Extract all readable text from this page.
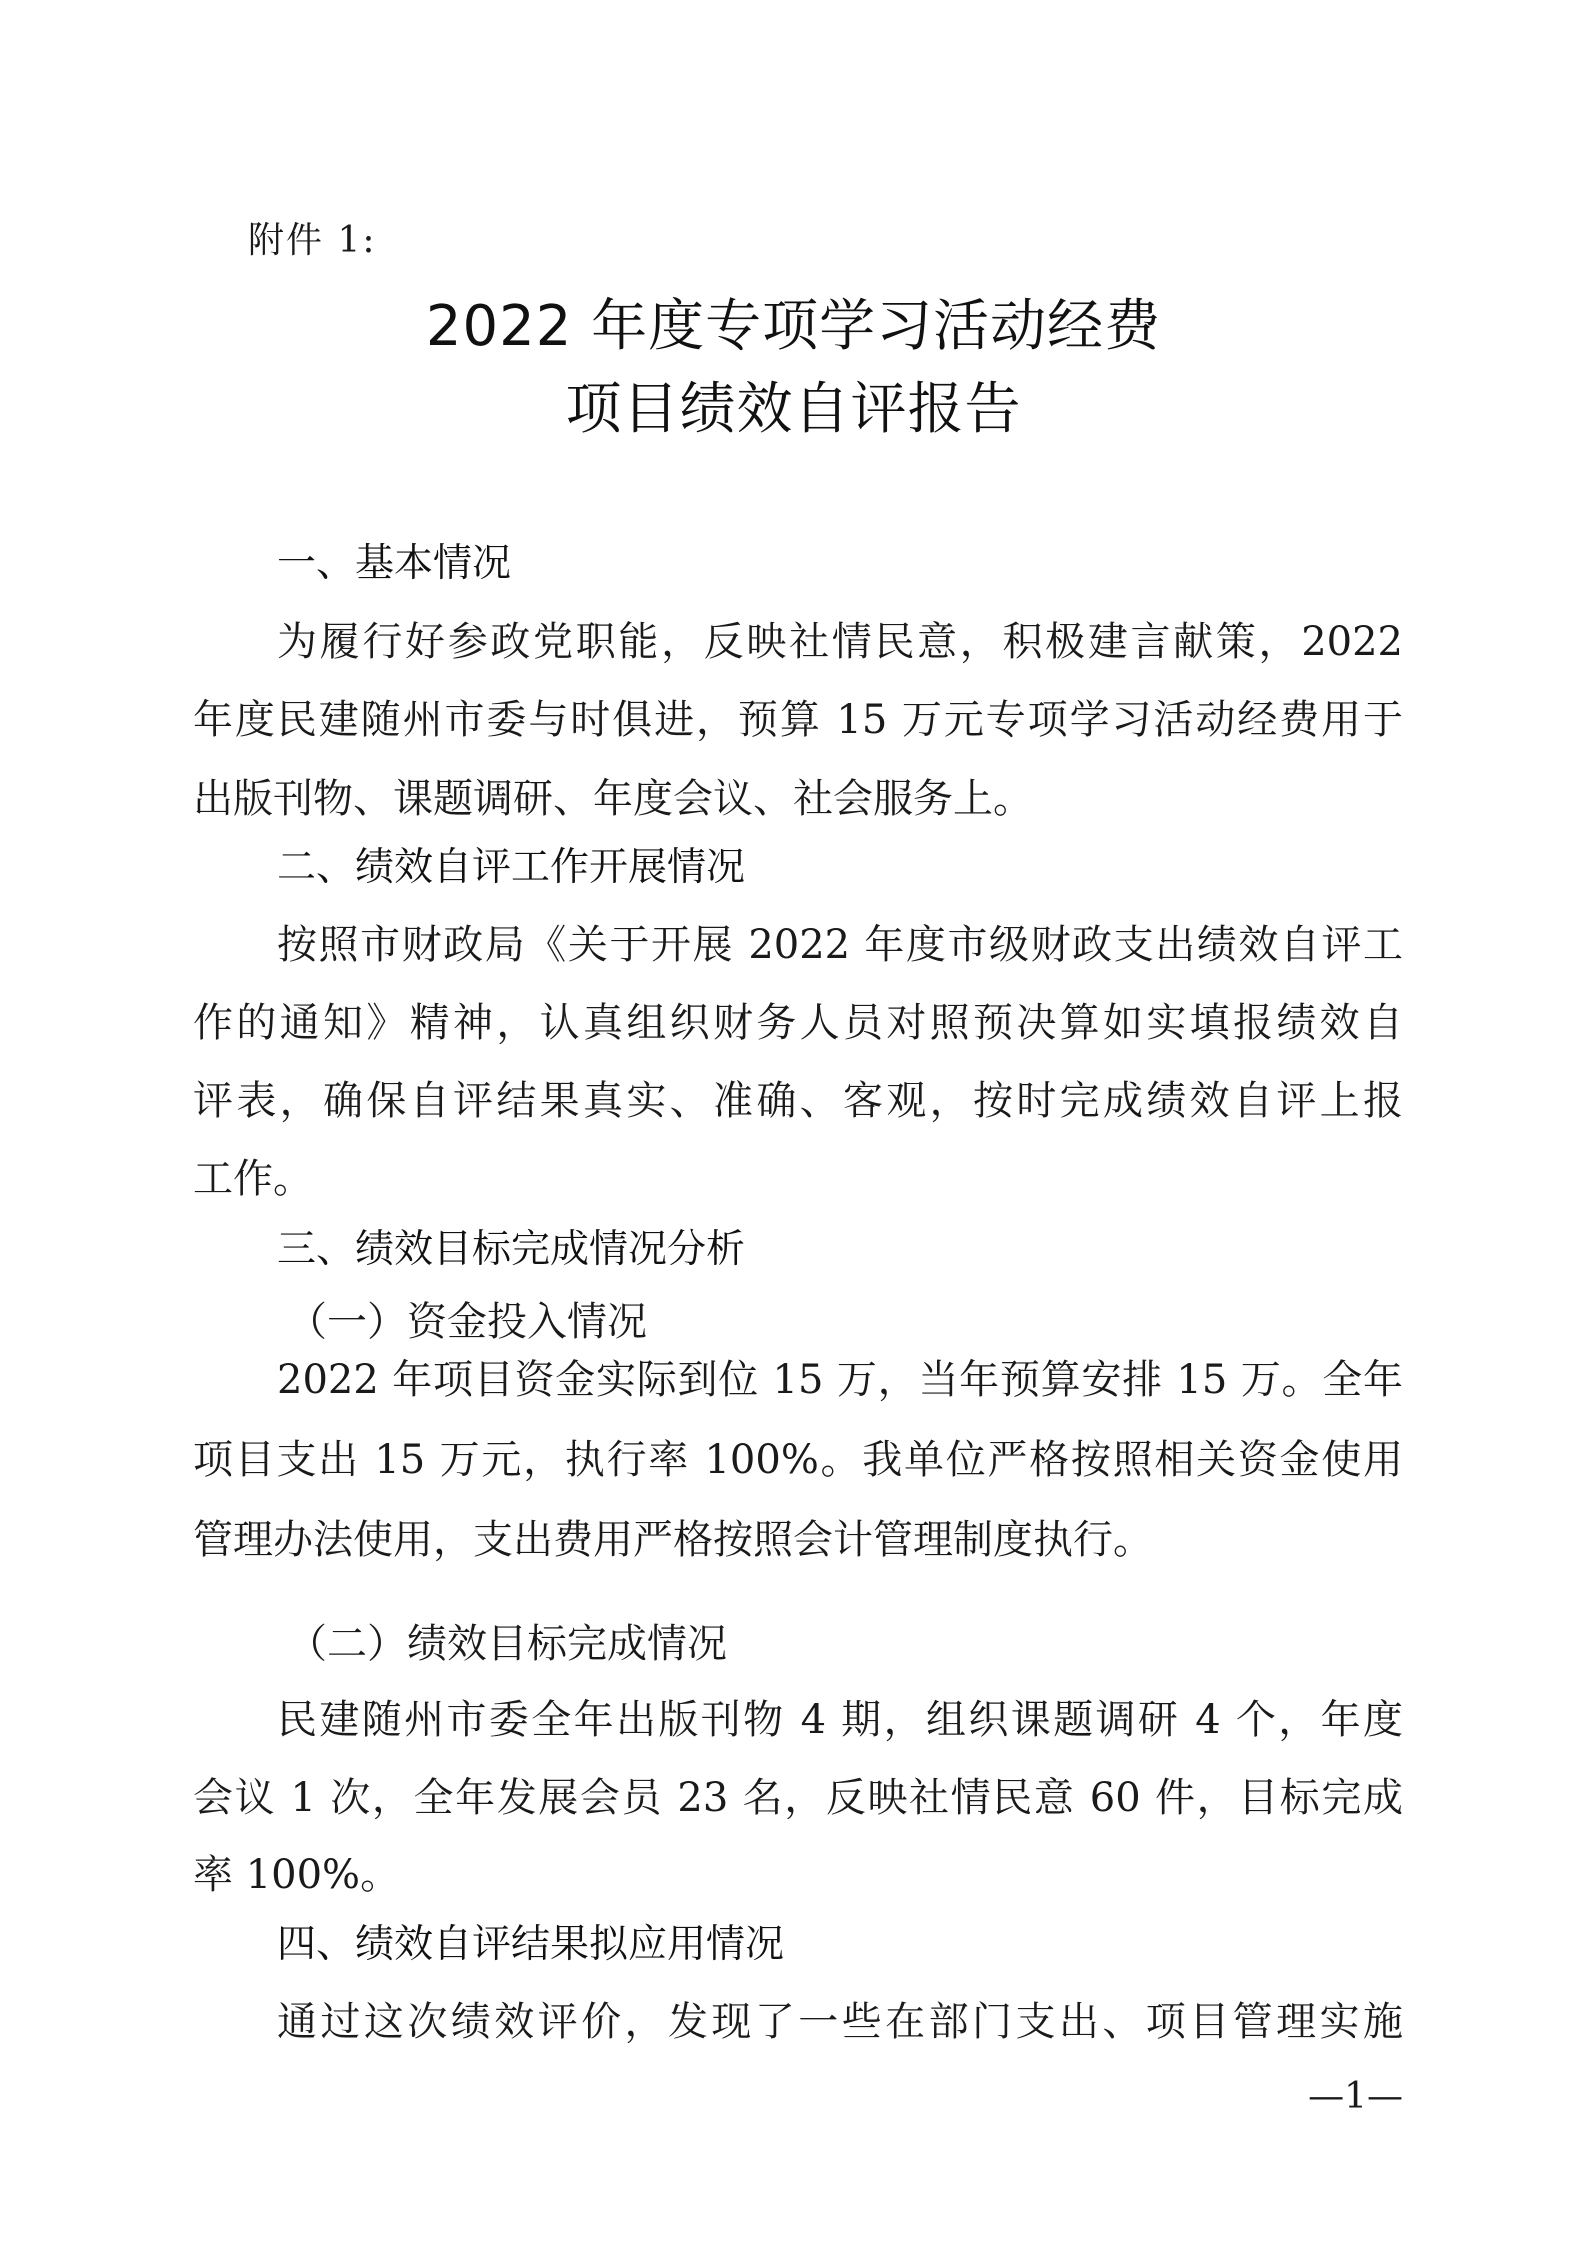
附件 1:
2022 年度专项学习活动经费
项目绩效自评报告
一、基本情况
为履行好参政党职能，反映社情民意，积极建言献策，2022
年度民建随州市委与时俱进，预算 15 万元专项学习活动经费用于
出版刊物、课题调研、年度会议、社会服务上。
二、绩效自评工作开展情况
按照市财政局《关于开展 2022 年度市级财政支出绩效自评工
作的通知》精神，认真组织财务人员对照预决算如实填报绩效自
评表，确保自评结果真实、准确、客观，按时完成绩效自评上报
工作。
三、绩效目标完成情况分析
（一）资金投入情况
2022 年项目资金实际到位 15 万，当年预算安排 15 万。全年
项目支出 15 万元，执行率 100%。我单位严格按照相关资金使用
管理办法使用，支出费用严格按照会计管理制度执行。
（二）绩效目标完成情况
民建随州市委全年出版刊物 4 期，组织课题调研 4 个，年度
会议 1 次，全年发展会员 23 名，反映社情民意 60 件，目标完成
率 100%。
四、绩效自评结果拟应用情况
通过这次绩效评价，发现了一些在部门支出、项目管理实施
—1—
